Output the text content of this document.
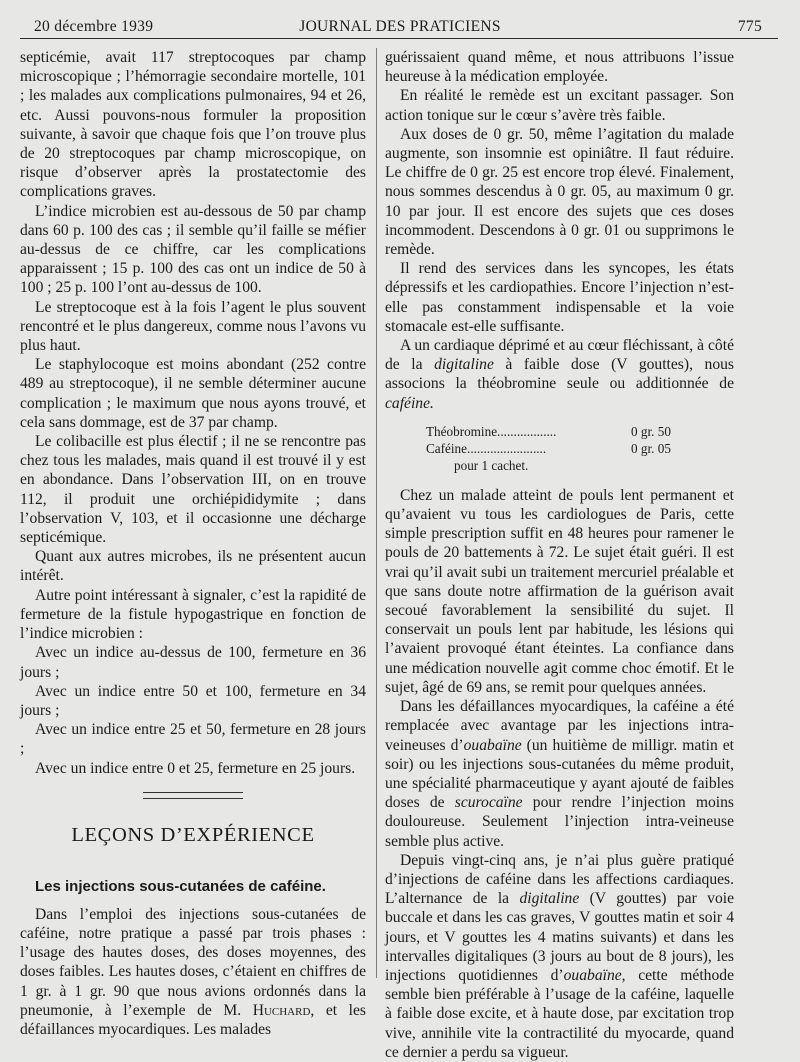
20 décembre 1939	JOURNAL DES PRATICIENS	775

septicémie, avait 117 streptocoques par champ microscopique ; l’hémorragie secondaire mortelle, 101 ; les malades aux complications pulmonaires, 94 et 26, etc. Aussi pouvons-nous formuler la proposition suivante, à savoir que chaque fois que l’on trouve plus de 20 streptocoques par champ microscopique, on risque d’observer après la prostatectomie des complications graves.

L’indice microbien est au-dessous de 50 par champ dans 60 p. 100 des cas ; il semble qu’il faille se méfier au-dessus de ce chiffre, car les complications apparaissent ; 15 p. 100 des cas ont un indice de 50 à 100 ; 25 p. 100 l’ont au-dessus de 100.

Le streptocoque est à la fois l’agent le plus souvent rencontré et le plus dangereux, comme nous l’avons vu plus haut.

Le staphylocoque est moins abondant (252 contre 489 au streptocoque), il ne semble déterminer aucune complication ; le maximum que nous ayons trouvé, et cela sans dommage, est de 37 par champ.

Le colibacille est plus électif ; il ne se rencontre pas chez tous les malades, mais quand il est trouvé il y est en abondance. Dans l’observation III, on en trouve 112, il produit une orchiépididymite ; dans l’observation V, 103, et il occasionne une décharge septicémique.

Quant aux autres microbes, ils ne présentent aucun intérêt.

Autre point intéressant à signaler, c’est la rapidité de fermeture de la fistule hypogastrique en fonction de l’indice microbien :

Avec un indice au-dessus de 100, fermeture en 36 jours ;

Avec un indice entre 50 et 100, fermeture en 34 jours ;

Avec un indice entre 25 et 50, fermeture en 28 jours ;

Avec un indice entre 0 et 25, fermeture en 25 jours.

LEÇONS D’EXPÉRIENCE
Les injections sous-cutanées de caféine.

Dans l’emploi des injections sous-cutanées de caféine, notre pratique a passé par trois phases : l’usage des hautes doses, des doses moyennes, des doses faibles. Les hautes doses, c’étaient en chiffres de 1 gr. à 1 gr. 90 que nous avions ordonnés dans la pneumonie, à l’exemple de M. Huchard, et les défaillances myocardiques. Les malades

guérissaient quand même, et nous attribuons l’issue heureuse à la médication employée.

En réalité le remède est un excitant passager. Son action tonique sur le cœur s’avère très faible.

Aux doses de 0 gr. 50, même l’agitation du malade augmente, son insomnie est opiniâtre. Il faut réduire. Le chiffre de 0 gr. 25 est encore trop élevé. Finalement, nous sommes descendus à 0 gr. 05, au maximum 0 gr. 10 par jour. Il est encore des sujets que ces doses incommodent. Descendons à 0 gr. 01 ou supprimons le remède.

Il rend des services dans les syncopes, les états dépressifs et les cardiopathies. Encore l’injection n’est-elle pas constamment indispensable et la voie stomacale est-elle suffisante.

A un cardiaque déprimé et au cœur fléchissant, à côté de la digitaline à faible dose (V gouttes), nous associons la théobromine seule ou additionnée de caféine.

Théobromine..................	0 gr. 50
Caféine........................	0 gr. 05
pour 1 cachet.

Chez un malade atteint de pouls lent permanent et qu’avaient vu tous les cardiologues de Paris, cette simple prescription suffit en 48 heures pour ramener le pouls de 20 battements à 72. Le sujet était guéri. Il est vrai qu’il avait subi un traitement mercuriel préalable et que sans doute notre affirmation de la guérison avait secoué favorablement la sensibilité du sujet. Il conservait un pouls lent par habitude, les lésions qui l’avaient provoqué étant éteintes. La confiance dans une médication nouvelle agit comme choc émotif. Et le sujet, âgé de 69 ans, se remit pour quelques années.

Dans les défaillances myocardiques, la caféine a été remplacée avec avantage par les injections intra-veineuses d’ouabaïne (un huitième de milligr. matin et soir) ou les injections sous-cutanées du même produit, une spécialité pharmaceutique y ayant ajouté de faibles doses de scurocaïne pour rendre l’injection moins douloureuse. Seulement l’injection intra-veineuse semble plus active.

Depuis vingt-cinq ans, je n’ai plus guère pratiqué d’injections de caféine dans les affections cardiaques. L’alternance de la digitaline (V gouttes) par voie buccale et dans les cas graves, V gouttes matin et soir 4 jours, et V gouttes les 4 matins suivants) et dans les intervalles digitaliques (3 jours au bout de 8 jours), les injections quotidiennes d’ouabaïne, cette méthode semble bien préférable à l’usage de la caféine, laquelle à faible dose excite, et à haute dose, par excitation trop vive, annihile vite la contractilité du myocarde, quand ce dernier a perdu sa vigueur.
